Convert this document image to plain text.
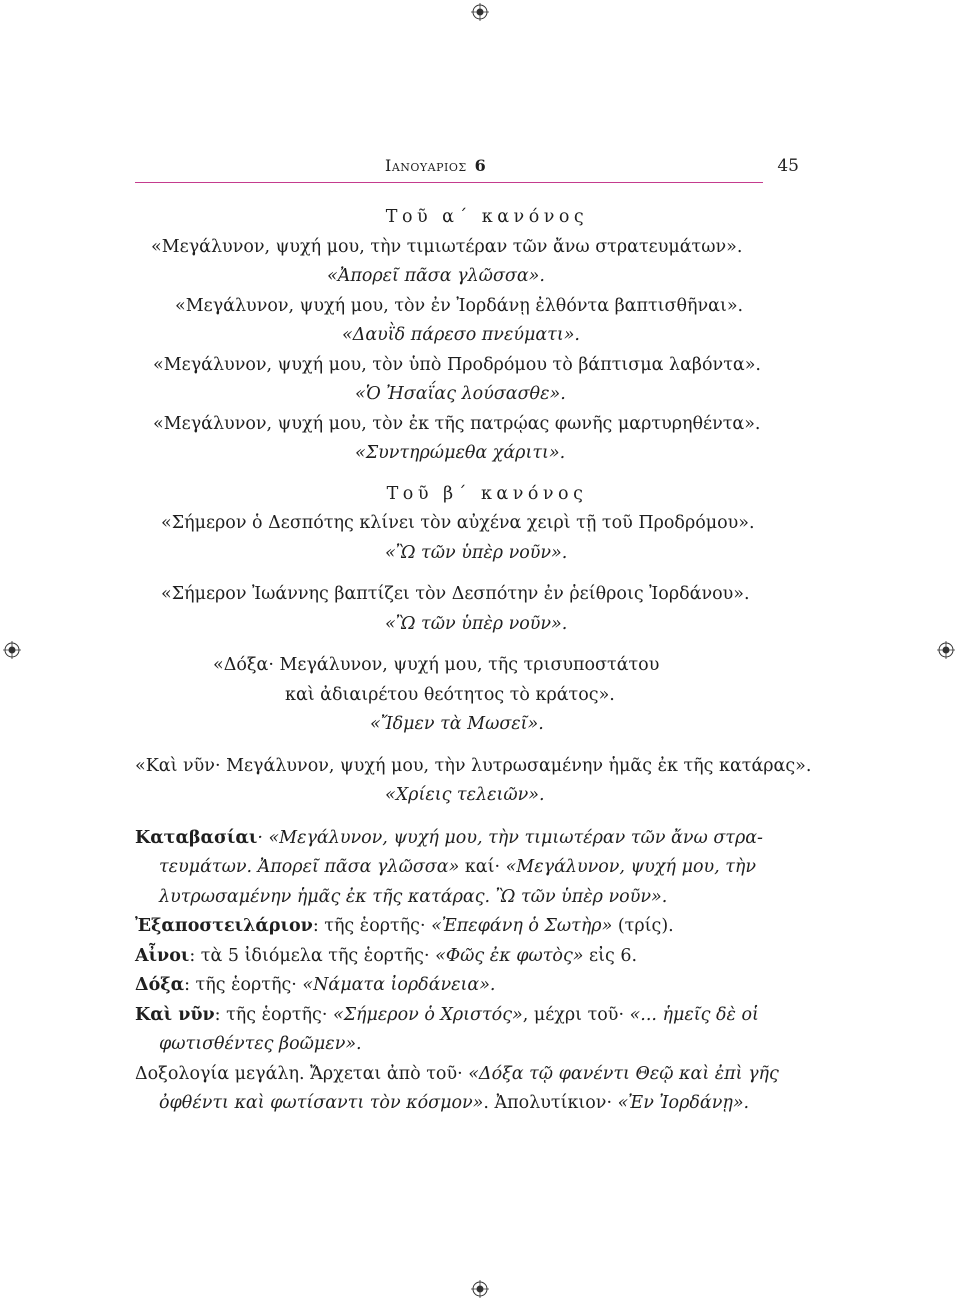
Ιανουαριος 6	45
Τοῦ α΄ κανόνος
«Μεγάλυνον, ψυχή μου, τὴν τιμιωτέραν τῶν ἄνω στρατευμάτων».
«Ἀπορεῖ πᾶσα γλῶσσα».
«Μεγάλυνον, ψυχή μου, τὸν ἐν Ἰορδάνῃ ἐλθόντα βαπτισθῆναι».
«Δαυῒδ πάρεσο πνεύματι».
«Μεγάλυνον, ψυχή μου, τὸν ὑπὸ Προδρόμου τὸ βάπτισμα λαβόντα».
«Ὁ Ἠσαΐας λούσασθε».
«Μεγάλυνον, ψυχή μου, τὸν ἐκ τῆς πατρῴας φωνῆς μαρτυρηθέντα».
«Συντηρώμεθα χάριτι».
Τοῦ β΄ κανόνος
«Σήμερον ὁ Δεσπότης κλίνει τὸν αὐχένα χειρὶ τῇ τοῦ Προδρόμου».
«Ὢ τῶν ὑπὲρ νοῦν».
«Σήμερον Ἰωάννης βαπτίζει τὸν Δεσπότην ἐν ῥείθροις Ἰορδάνου».
«Ὢ τῶν ὑπὲρ νοῦν».
«Δόξα· Μεγάλυνον, ψυχή μου, τῆς τρισυποστάτου
καὶ ἀδιαιρέτου θεότητος τὸ κράτος».
«Ἴδμεν τὰ Μωσεῖ».
«Καὶ νῦν· Μεγάλυνον, ψυχή μου, τὴν λυτρωσαμένην ἡμᾶς ἐκ τῆς κατάρας».
«Χρίεις τελειῶν».
Καταβασίαι· «Μεγάλυνον, ψυχή μου, τὴν τιμιωτέραν τῶν ἄνω στρα-
τευμάτων. Ἀπορεῖ πᾶσα γλῶσσα» καί· «Μεγάλυνον, ψυχή μου, τὴν
λυτρωσαμένην ἡμᾶς ἐκ τῆς κατάρας. Ὢ τῶν ὑπὲρ νοῦν».
Ἐξαποστειλάριον: τῆς ἑορτῆς· «Ἐπεφάνη ὁ Σωτὴρ» (τρίς).
Αἶνοι: τὰ 5 ἰδιόμελα τῆς ἑορτῆς· «Φῶς ἐκ φωτὸς» εἰς 6.
Δόξα: τῆς ἑορτῆς· «Νάματα ἰορδάνεια».
Καὶ νῦν: τῆς ἑορτῆς· «Σήμερον ὁ Χριστός», μέχρι τοῦ· «... ἡμεῖς δὲ οἱ
φωτισθέντες βοῶμεν».
Δοξολογία μεγάλη. Ἄρχεται ἀπὸ τοῦ· «Δόξα τῷ φανέντι Θεῷ καὶ ἐπὶ γῆς
ὀφθέντι καὶ φωτίσαντι τὸν κόσμον». Ἀπολυτίκιον· «Ἐν Ἰορδάνῃ».
